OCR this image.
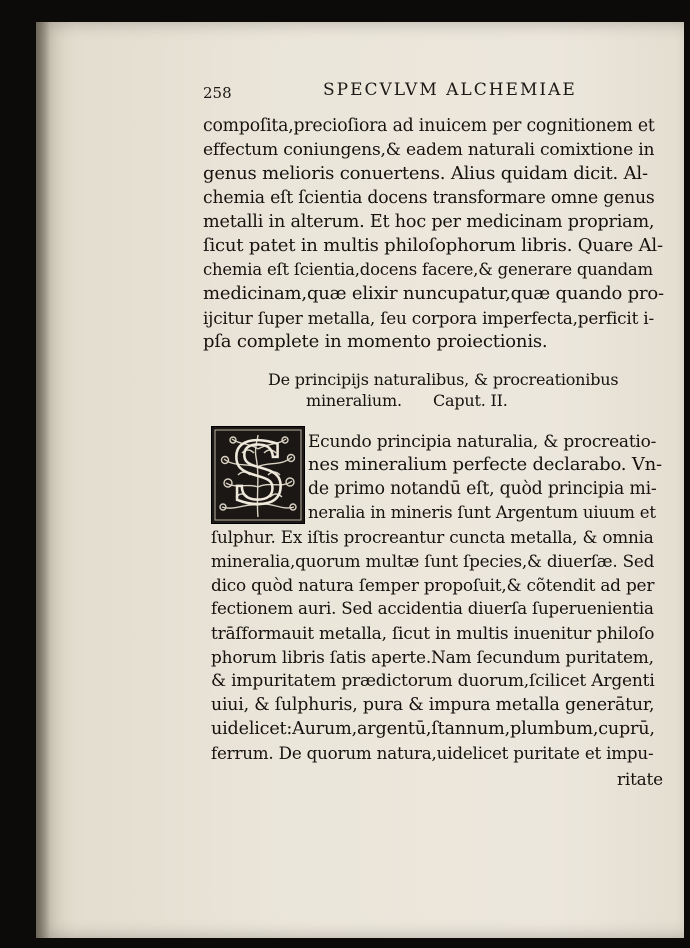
258	SPECVLVM ALCHEMIAE
compoſita,precioſiora ad inuicem per cognitionem et
effectum coniungens,& eadem naturali comixtione in
genus melioris conuertens. Alius quidam dicit. Al-
chemia eſt ſcientia docens transformare omne genus
metalli in alterum. Et hoc per medicinam propriam,
ſicut patet in multis philoſophorum libris. Quare Al-
chemia eſt ſcientia,docens facere,& generare quandam
medicinam,quæ elixir nuncupatur,quæ quando pro-
ijcitur ſuper metalla, ſeu corpora imperfecta,perficit i-
pſa complete in momento proiectionis.
De principijs naturalibus, & procreationibus
mineralium. Caput. II.
S Ecundo principia naturalia, & procreatio-
nes mineralium perfecte declarabo. Vn-
de primo notandū eſt, quòd principia mi-
neralia in mineris ſunt Argentum uiuum et
ſulphur. Ex iſtis procreantur cuncta metalla, & omnia
mineralia,quorum multæ ſunt ſpecies,& diuerſæ. Sed
dico quòd natura ſemper propoſuit,& cõtendit ad per
fectionem auri. Sed accidentia diuerſa ſuperuenientia
trāſformauit metalla, ſicut in multis inuenitur philoſo
phorum libris ſatis aperte.Nam ſecundum puritatem,
& impuritatem prædictorum duorum,ſcilicet Argenti
uiui, & ſulphuris, pura & impura metalla generātur,
uidelicet:Aurum,argentū,ſtannum,plumbum,cuprū,
ferrum. De quorum natura,uidelicet puritate et impu-
ritate
